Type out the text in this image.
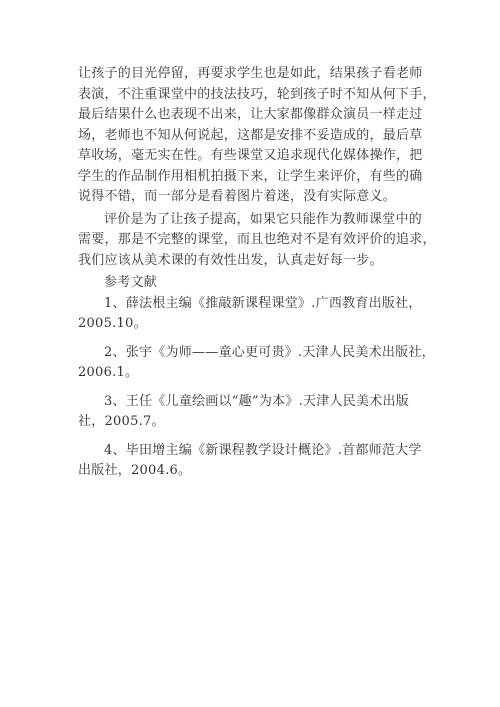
让孩子的目光停留，再要求学生也是如此，结果孩子看老师
表演，不注重课堂中的技法技巧，轮到孩子时不知从何下手，
最后结果什么也表现不出来，让大家都像群众演员一样走过
场，老师也不知从何说起，这都是安排不妥造成的，最后草
草收场，毫无实在性。有些课堂又追求现代化媒体操作，把
学生的作品制作用相机拍摄下来，让学生来评价，有些的确
说得不错，而一部分是看着图片着迷，没有实际意义。
评价是为了让孩子提高，如果它只能作为教师课堂中的
需要，那是不完整的课堂，而且也绝对不是有效评价的追求，
我们应该从美术课的有效性出发，认真走好每一步。
参考文献
1、薛法根主编《推敲新课程课堂》.广西教育出版社，
2005.10。
2、张宇《为师——童心更可贵》.天津人民美术出版社，
2006.1。
3、王任《儿童绘画以“趣”为本》.天津人民美术出版
社，2005.7。
4、毕田增主编《新课程教学设计概论》.首都师范大学
出版社，2004.6。
